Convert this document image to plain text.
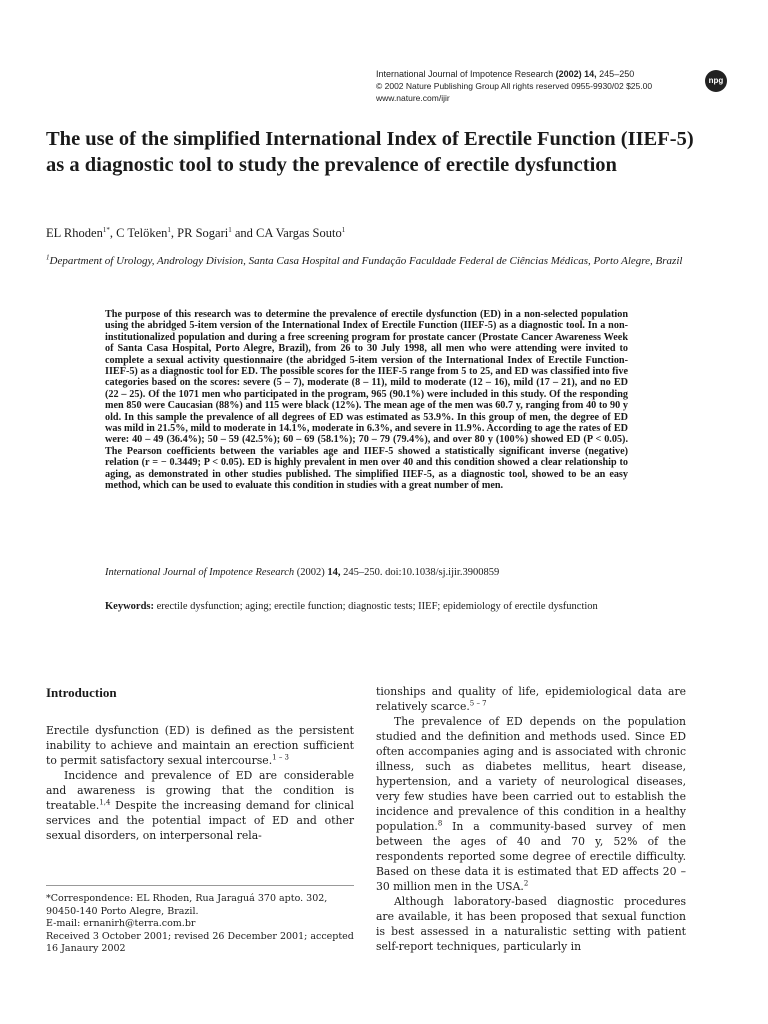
International Journal of Impotence Research (2002) 14, 245–250
© 2002 Nature Publishing Group All rights reserved 0955-9930/02 $25.00
www.nature.com/ijir
npg
The use of the simplified International Index of Erectile Function (IIEF-5) as a diagnostic tool to study the prevalence of erectile dysfunction
EL Rhoden$^{1*}$, C Telöken$^1$, PR Sogari$^1$ and CA Vargas Souto$^1$
$^1$Department of Urology, Andrology Division, Santa Casa Hospital and Fundação Faculdade Federal de Ciências Médicas, Porto Alegre, Brazil

The purpose of this research was to determine the prevalence of erectile dysfunction (ED) in a non-selected population using the abridged 5-item version of the International Index of Erectile Function (IIEF-5) as a diagnostic tool. In a non-institutionalized population and during a free screening program for prostate cancer (Prostate Cancer Awareness Week of Santa Casa Hospital, Porto Alegre, Brazil), from 26 to 30 July 1998, all men who were attending were invited to complete a sexual activity questionnaire (the abridged 5-item version of the International Index of Erectile Function-IIEF-5) as a diagnostic tool for ED. The possible scores for the IIEF-5 range from 5 to 25, and ED was classified into five categories based on the scores: severe (5 – 7), moderate (8 – 11), mild to moderate (12 – 16), mild (17 – 21), and no ED (22 – 25). Of the 1071 men who participated in the program, 965 (90.1%) were included in this study. Of the responding men 850 were Caucasian (88%) and 115 were black (12%). The mean age of the men was 60.7 y, ranging from 40 to 90 y old. In this sample the prevalence of all degrees of ED was estimated as 53.9%. In this group of men, the degree of ED was mild in 21.5%, mild to moderate in 14.1%, moderate in 6.3%, and severe in 11.9%. According to age the rates of ED were: 40 – 49 (36.4%); 50 – 59 (42.5%); 60 – 69 (58.1%); 70 – 79 (79.4%), and over 80 y (100%) showed ED (P < 0.05). The Pearson coefficients between the variables age and IIEF-5 showed a statistically significant inverse (negative) relation (r = − 0.3449; P < 0.05). ED is highly prevalent in men over 40 and this condition showed a clear relationship to aging, as demonstrated in other studies published. The simplified IIEF-5, as a diagnostic tool, showed to be an easy method, which can be used to evaluate this condition in studies with a great number of men.

International Journal of Impotence Research (2002) 14, 245–250. doi:10.1038/sj.ijir.3900859
Keywords: erectile dysfunction; aging; erectile function; diagnostic tests; IIEF; epidemiology of erectile dysfunction
Introduction

Erectile dysfunction (ED) is defined as the persistent inability to achieve and maintain an erection sufficient to permit satisfactory sexual intercourse.$^{1 - 3}$

Incidence and prevalence of ED are considerable and awareness is growing that the condition is treatable.$^{1,4}$ Despite the increasing demand for clinical services and the potential impact of ED and other sexual disorders, on interpersonal rela-

tionships and quality of life, epidemiological data are relatively scarce.$^{5 - 7}$

The prevalence of ED depends on the population studied and the definition and methods used. Since ED often accompanies aging and is associated with chronic illness, such as diabetes mellitus, heart disease, hypertension, and a variety of neurological diseases, very few studies have been carried out to establish the incidence and prevalence of this condition in a healthy population.$^8$ In a community-based survey of men between the ages of 40 and 70 y, 52% of the respondents reported some degree of erectile difficulty. Based on these data it is estimated that ED affects 20 – 30 million men in the USA.$^2$

Although laboratory-based diagnostic procedures are available, it has been proposed that sexual function is best assessed in a naturalistic setting with patient self-report techniques, particularly in

*Correspondence: EL Rhoden, Rua Jaraguá 370 apto. 302, 90450-140 Porto Alegre, Brazil.
E-mail: ernanirh@terra.com.br
Received 3 October 2001; revised 26 December 2001; accepted 16 Janaury 2002
